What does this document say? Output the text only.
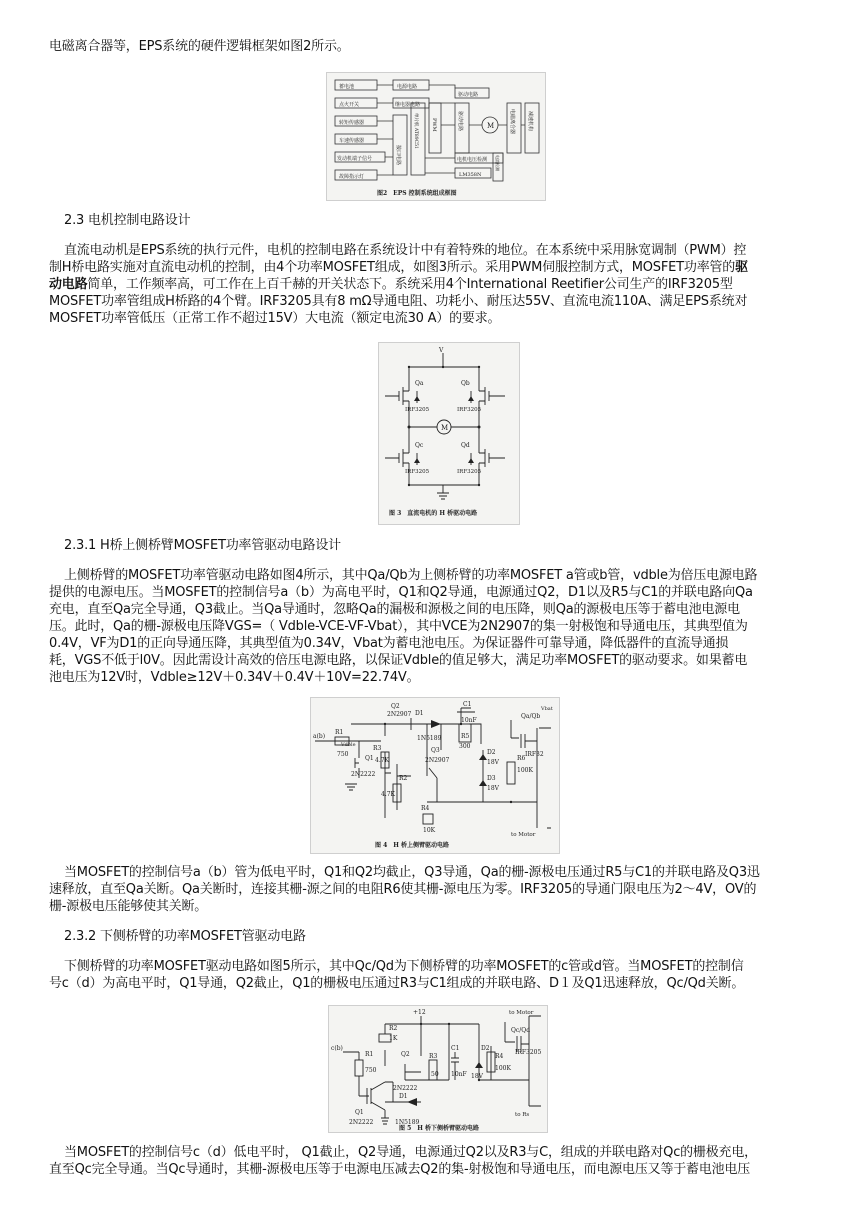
电磁离合器等，EPS系统的硬件逻辑框架如图2所示。
蓄电池
点火开关
转矩传感器
车速传感器
发动机端子信号
故障指示灯
电源电路
继电器电路
接口电路
单片机 AT89C51	PWM
驱动电路
驱动电路	M	电磁离合器 减速机构
电机电压检测
LM358N
电流检测
图2　EPS 控制系统组成框图
2.3 电机控制电路设计
直流电动机是EPS系统的执行元件，电机的控制电路在系统设计中有着特殊的地位。在本系统中采用脉宽调制（PWM）控
制H桥电路实施对直流电动机的控制，由4个功率MOSFET组成，如图3所示。采用PWM伺服控制方式，MOSFET功率管的驱
动电路简单，工作频率高，可工作在上百千赫的开关状态下。系统采用4个International Reetifier公司生产的IRF3205型
MOSFET功率管组成H桥路的4个臂。IRF3205具有8 mΩ导通电阻、功耗小、耐压达55V、直流电流110A、满足EPS系统对
MOSFET功率管低压（正常工作不超过15V）大电流（额定电流30 A）的要求。
V
Qa	Qb
Qc	Qd
IRF3205	IRF3205
IRF3205	IRF3205
M
图 3　直流电机的 H 桥驱动电路
2.3.1 H桥上侧桥臂MOSFET功率管驱动电路设计
上侧桥臂的MOSFET功率管驱动电路如图4所示，其中Qa/Qb为上侧桥臂的功率MOSFET a管或b管，vdble为倍压电源电路
提供的电源电压。当MOSFET的控制信号a（b）为高电平时，Q1和Q2导通，电源通过Q2，D1以及R5与C1的并联电路向Qa
充电，直至Qa完全导通，Q3截止。当Qa导通时，忽略Qa的漏极和源极之间的电压降，则Qa的源极电压等于蓄电池电源电
压。此时，Qa的栅-源极电压降VGS=（ Vdble-VCE-VF-Vbat），其中VCE为2N2907的集一射极饱和导通电压，其典型值为
0.4V，VF为D1的正向导通压降，其典型值为0.34V，Vbat为蓄电池电压。为保证器件可靠导通，降低器件的直流导通损
耗，VGS不低于l0V。因此需设计高效的倍压电源电路，以保证Vdble的值足够大，满足功率MOSFET的驱动要求。如果蓄电
池电压为12V时，Vdble≥12V＋0.34V＋0.4V＋10V=22.74V。
Vdble
Vbat
Q2
2N2907
Q1
2N2222
Q3
2N2907
R1
750
R3
4.7K
R2
4.7K
D1
1N5189
C1
10nF
R5
300
D2
18V
D3
18V
R6
100K
R4
10K
Qa/Qb
IRF32
a(b)
to Motor
图 4　H 桥上侧臂驱动电路
当MOSFET的控制信号a（b）管为低电平时，Q1和Q2均截止，Q3导通，Qa的栅-源极电压通过R5与C1的并联电路及Q3迅
速释放，直至Qa关断。Qa关断时，连接其栅-源之间的电阻R6使其栅-源电压为零。IRF3205的导通门限电压为2～4V，OV的
栅-源极电压能够使其关断。
2.3.2 下侧桥臂的功率MOSFET管驱动电路
下侧桥臂的功率MOSFET驱动电路如图5所示，其中Qc/Qd为下侧桥臂的功率MOSFET的c管或d管。当MOSFET的控制信
号c（d）为高电平时，Q1导通，Q2截止，Q1的栅极电压通过R3与C1组成的并联电路、D１及Q1迅速释放，Qc/Qd关断。
+12
c(b)
R2
1K
R1
750
Q2
2N2222
Q1
2N2222
D1
1N5189
R3
50
C1
10nF
D2
18V
R4
100K
Qc/Qd
IRF3205
to Motor
to Rs
图 5　H 桥下侧桥臂驱动电路
当MOSFET的控制信号c（d）低电平时， Q1截止，Q2导通，电源通过Q2以及R3与C，组成的并联电路对Qc的栅极充电，
直至Qc完全导通。当Qc导通时，其栅-源极电压等于电源电压减去Q2的集-射极饱和导通电压，而电源电压又等于蓄电池电压
